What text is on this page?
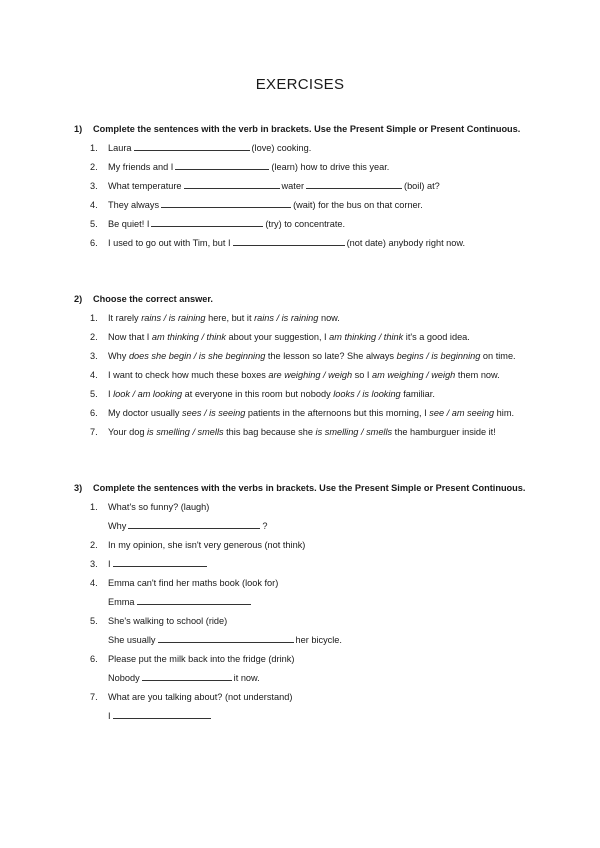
EXERCISES
1) Complete the sentences with the verb in brackets. Use the Present Simple or Present Continuous.
1. Laura	(love) cooking.
2. My friends and I	(learn) how to drive this year.
3. What temperature	water	(boil) at?
4. They always	(wait) for the bus on that corner.
5. Be quiet! I	(try) to concentrate.
6. I used to go out with Tim, but I	(not date) anybody right now.
2) Choose the correct answer.
1. It rarely rains / is raining here, but it rains / is raining now.
2. Now that I am thinking / think about your suggestion, I am thinking / think it's a good idea.
3. Why does she begin / is she beginning the lesson so late? She always begins / is beginning on time.
4. I want to check how much these boxes are weighing / weigh so I am weighing / weigh them now.
5. I look / am looking at everyone in this room but nobody looks / is looking familiar.
6. My doctor usually sees / is seeing patients in the afternoons but this morning, I see / am seeing him.
7. Your dog is smelling / smells this bag because she is smelling / smells the hamburguer inside it!
3) Complete the sentences with the verbs in brackets. Use the Present Simple or Present Continuous.
1. What's so funny? (laugh)
Why	?
2. In my opinion, she isn't very generous (not think)
3. I
4. Emma can't find her maths book (look for)
Emma
5. She's walking to school (ride)
She usually	her bicycle.
6. Please put the milk back into the fridge (drink)
Nobody	it now.
7. What are you talking about? (not understand)
I
